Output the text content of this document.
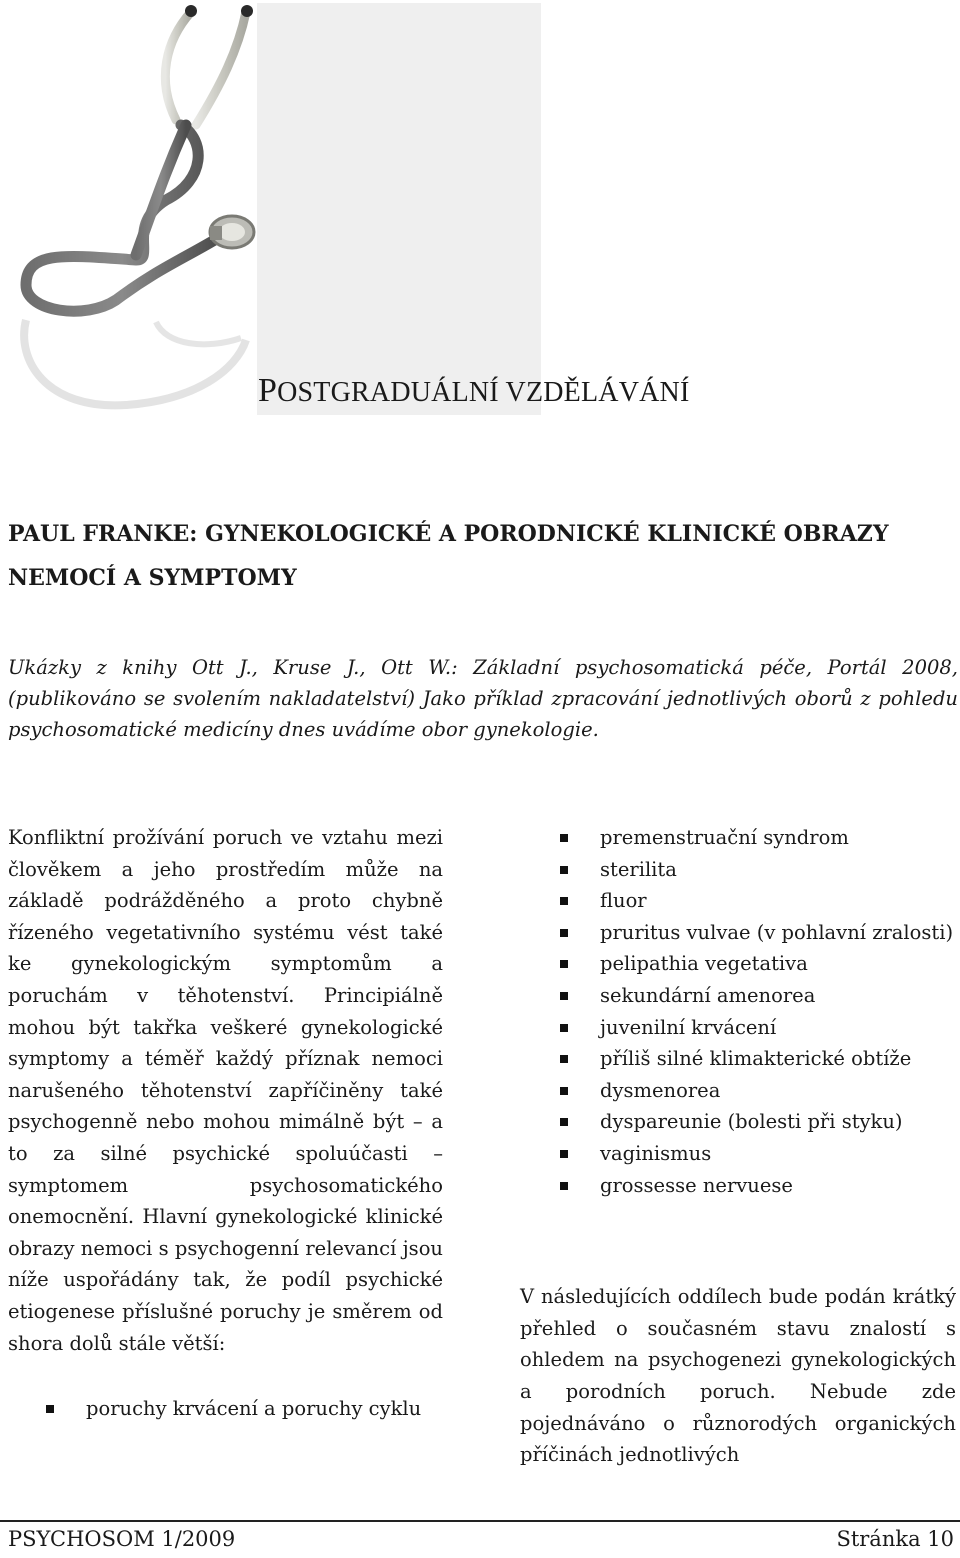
POSTGRADUÁLNÍ VZDĚLÁVÁNÍ
PAUL FRANKE: GYNEKOLOGICKÉ A PORODNICKÉ KLINICKÉ OBRAZY NEMOCÍ A SYMPTOMY
Ukázky z knihy Ott J., Kruse J., Ott W.: Základní psychosomatická péče, Portál 2008, (publikováno se svolením nakladatelství) Jako příklad zpracování jednotlivých oborů z pohledu psychosomatické medicíny dnes uvádíme obor gynekologie.

Konfliktní prožívání poruch ve vztahu mezi člověkem a jeho prostředím může na základě podrážděného a proto chybně řízeného vegetativního systému vést také ke gynekologickým symptomům a poruchám v těhotenství. Principiálně mohou být takřka veškeré gynekologické symptomy a téměř každý příznak nemoci narušeného těhotenství zapříčiněny také psychogenně nebo mohou mimálně být – a to za silné psychické spoluúčasti – symptomem psychosomatického onemocnění. Hlavní gynekologické klinické obrazy nemoci s psychogenní relevancí jsou níže uspořádány tak, že podíl psychické etiogenese příslušné poruchy je směrem od shora dolů stále větší:

poruchy krvácení a poruchy cyklu
premenstruační syndrom
sterilita
fluor
pruritus vulvae (v pohlavní zralosti)
pelipathia vegetativa
sekundární amenorea
juvenilní krvácení
příliš silné klimakterické obtíže
dysmenorea
dyspareunie (bolesti při styku)
vaginismus
grossesse nervuese

V následujících oddílech bude podán krátký přehled o současném stavu znalostí s ohledem na psychogenezi gynekologických a porodních poruch. Nebude zde pojednáváno o různorodých organických příčinách jednotlivých

PSYCHOSOM 1/2009	Stránka 10
